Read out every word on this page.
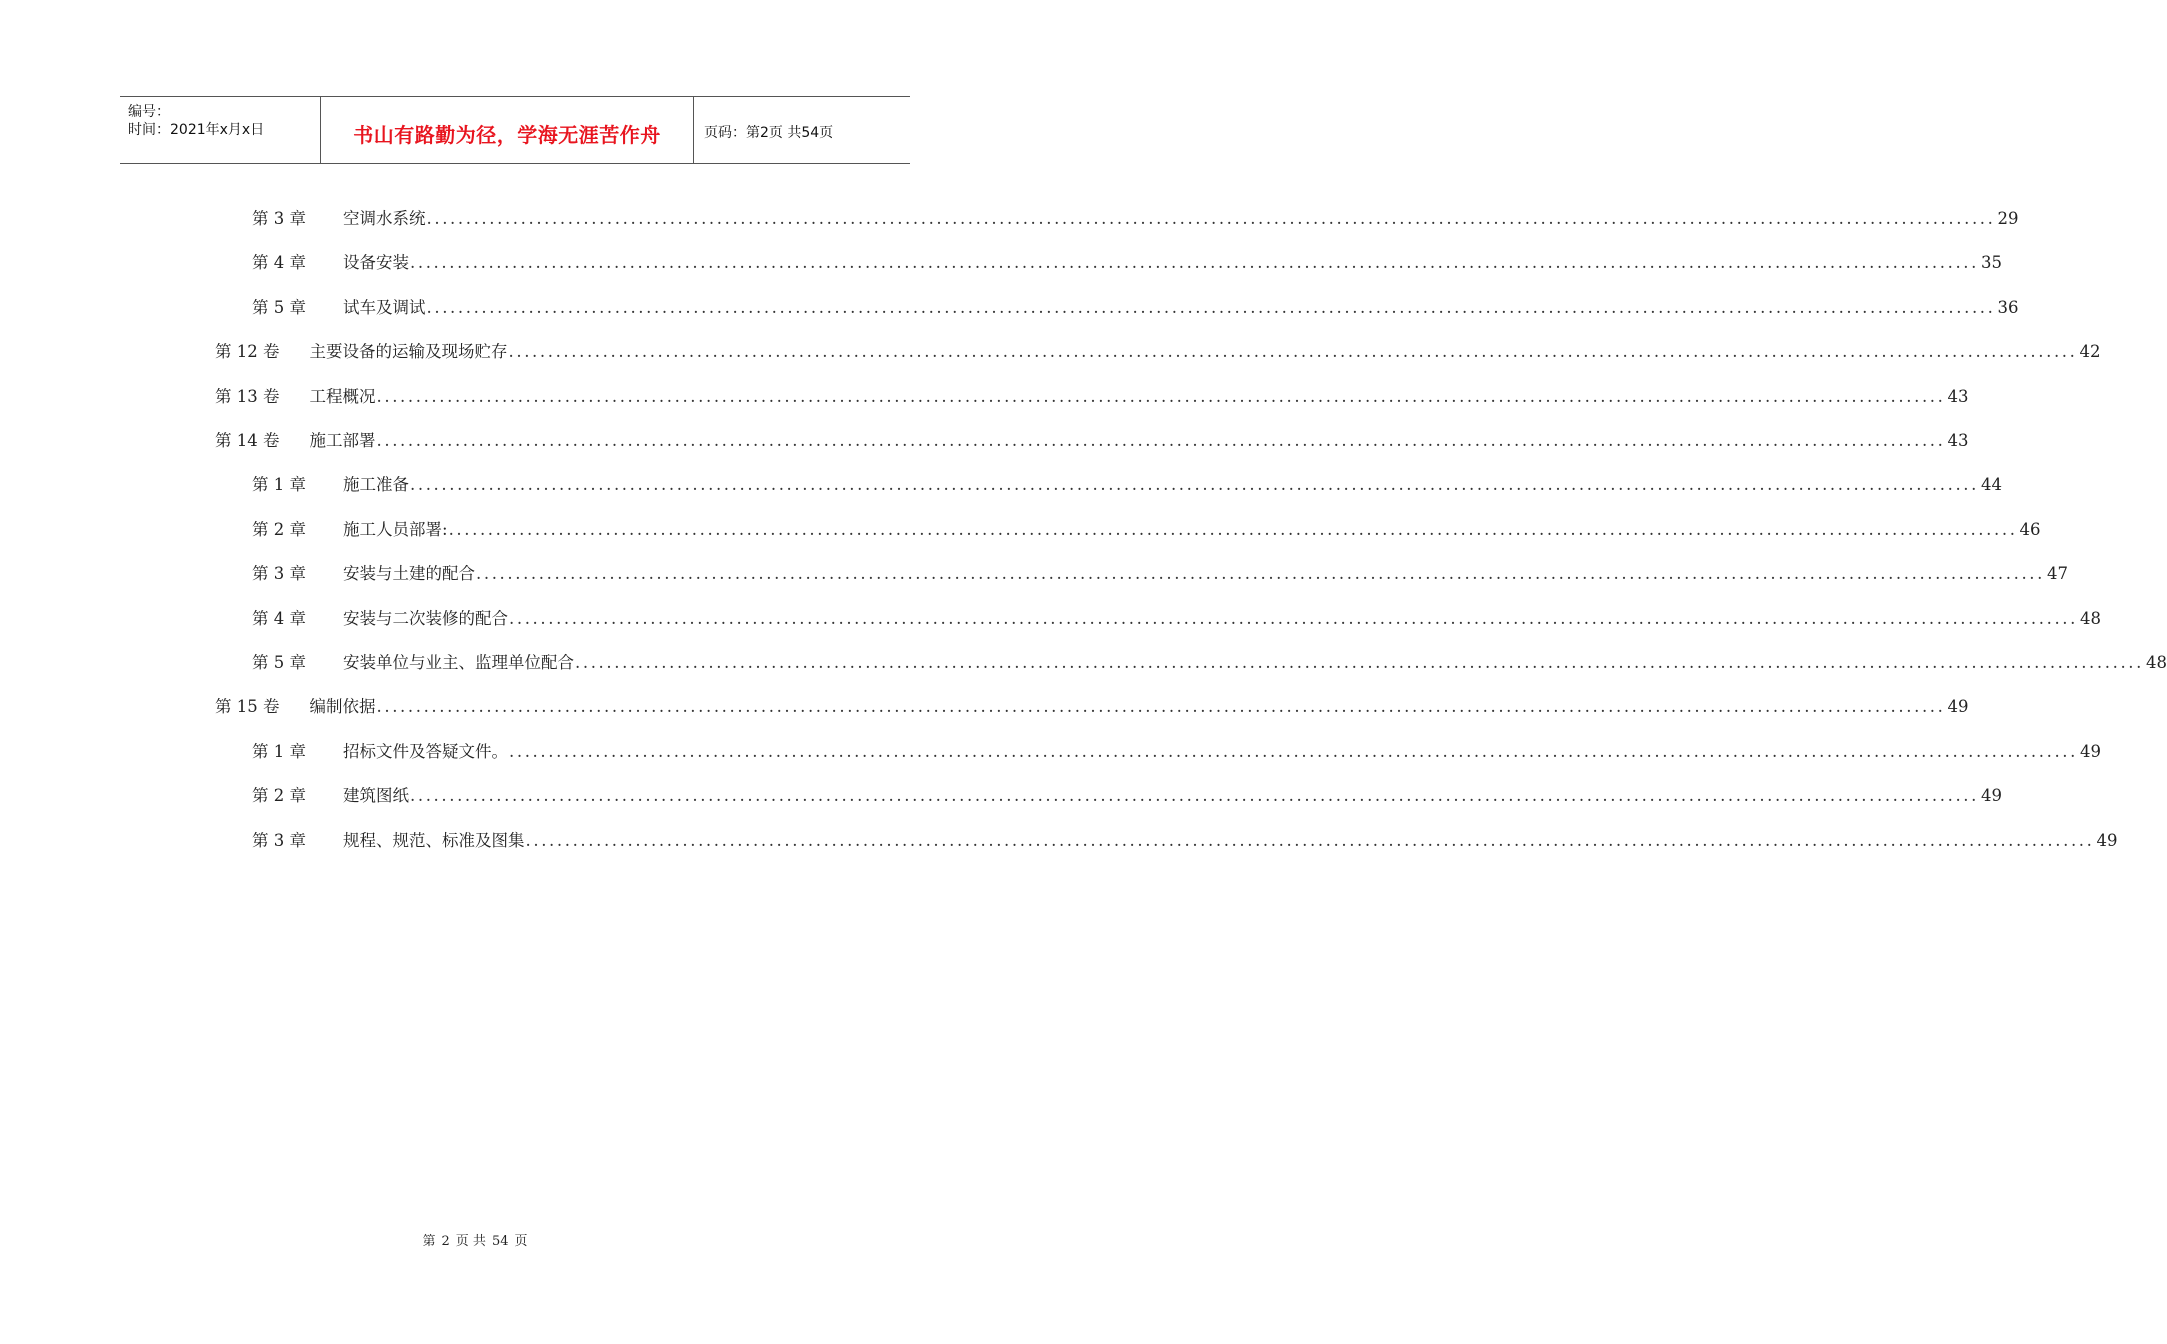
编号：
时间：2021年x月x日	书山有路勤为径，学海无涯苦作舟	页码：第2页 共54页
第 3 章 空调水系统 ........................................................................................................................................................................................................ 29
第 4 章 设备安装 ........................................................................................................................................................................................................ 35
第 5 章 试车及调试 ........................................................................................................................................................................................................ 36
第 12 卷 主要设备的运输及现场贮存 ........................................................................................................................................................................................................ 42
第 13 卷 工程概况 ........................................................................................................................................................................................................ 43
第 14 卷 施工部署 ........................................................................................................................................................................................................ 43
第 1 章 施工准备 ........................................................................................................................................................................................................ 44
第 2 章 施工人员部署: ........................................................................................................................................................................................................ 46
第 3 章 安装与土建的配合 ........................................................................................................................................................................................................ 47
第 4 章 安装与二次装修的配合 ........................................................................................................................................................................................................ 48
第 5 章 安装单位与业主、监理单位配合 ........................................................................................................................................................................................................ 48
第 15 卷 编制依据 ........................................................................................................................................................................................................ 49
第 1 章 招标文件及答疑文件。 ........................................................................................................................................................................................................ 49
第 2 章 建筑图纸 ........................................................................................................................................................................................................ 49
第 3 章 规程、规范、标准及图集 ........................................................................................................................................................................................................ 49
第 2 页 共 54 页
